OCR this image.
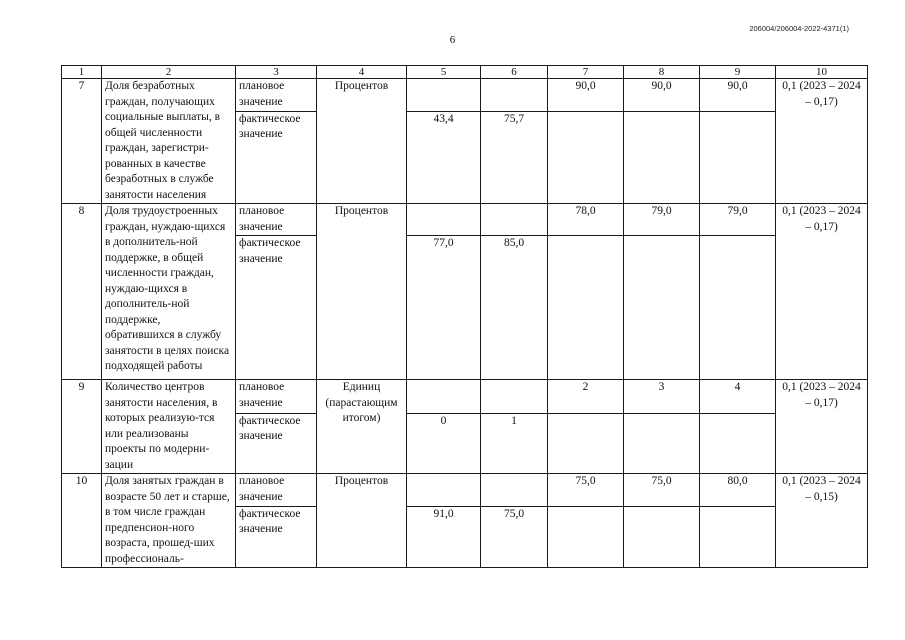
206004/206004-2022-4371(1)
6
1	2	3	4	5	6	7	8	9	10
7	Доля безработных граждан, получающих социальные выплаты, в общей численности граждан, зарегистри-рованных в качестве безработных в службе занятости населения	плановое значение	Процентов			90,0	90,0	90,0	0,1 (2023 – 2024 – 0,17)
		фактическое значение		43,4	75,7				
8	Доля трудоустроенных граждан, нуждаю-щихся в дополнитель-ной поддержке, в общей численности граждан, нуждаю-щихся в дополнитель-ной поддержке, обратившихся в службу занятости в целях поиска подходящей работы	плановое значение	Процентов			78,0	79,0	79,0	0,1 (2023 – 2024 – 0,17)
		фактическое значение		77,0	85,0				
9	Количество центров занятости населения, в которых реализую-тся или реализованы проекты по модерни-зации	плановое значение	Единиц (парастающим итогом)			2	3	4	0,1 (2023 – 2024 – 0,17)
		фактическое значение		0	1				
10	Доля занятых граждан в возрасте 50 лет и старше, в том числе граждан предпенсион-ного возраста, прошед-ших профессиональ-	плановое значение	Процентов			75,0	75,0	80,0	0,1 (2023 – 2024 – 0,15)
		фактическое значение		91,0	75,0				
